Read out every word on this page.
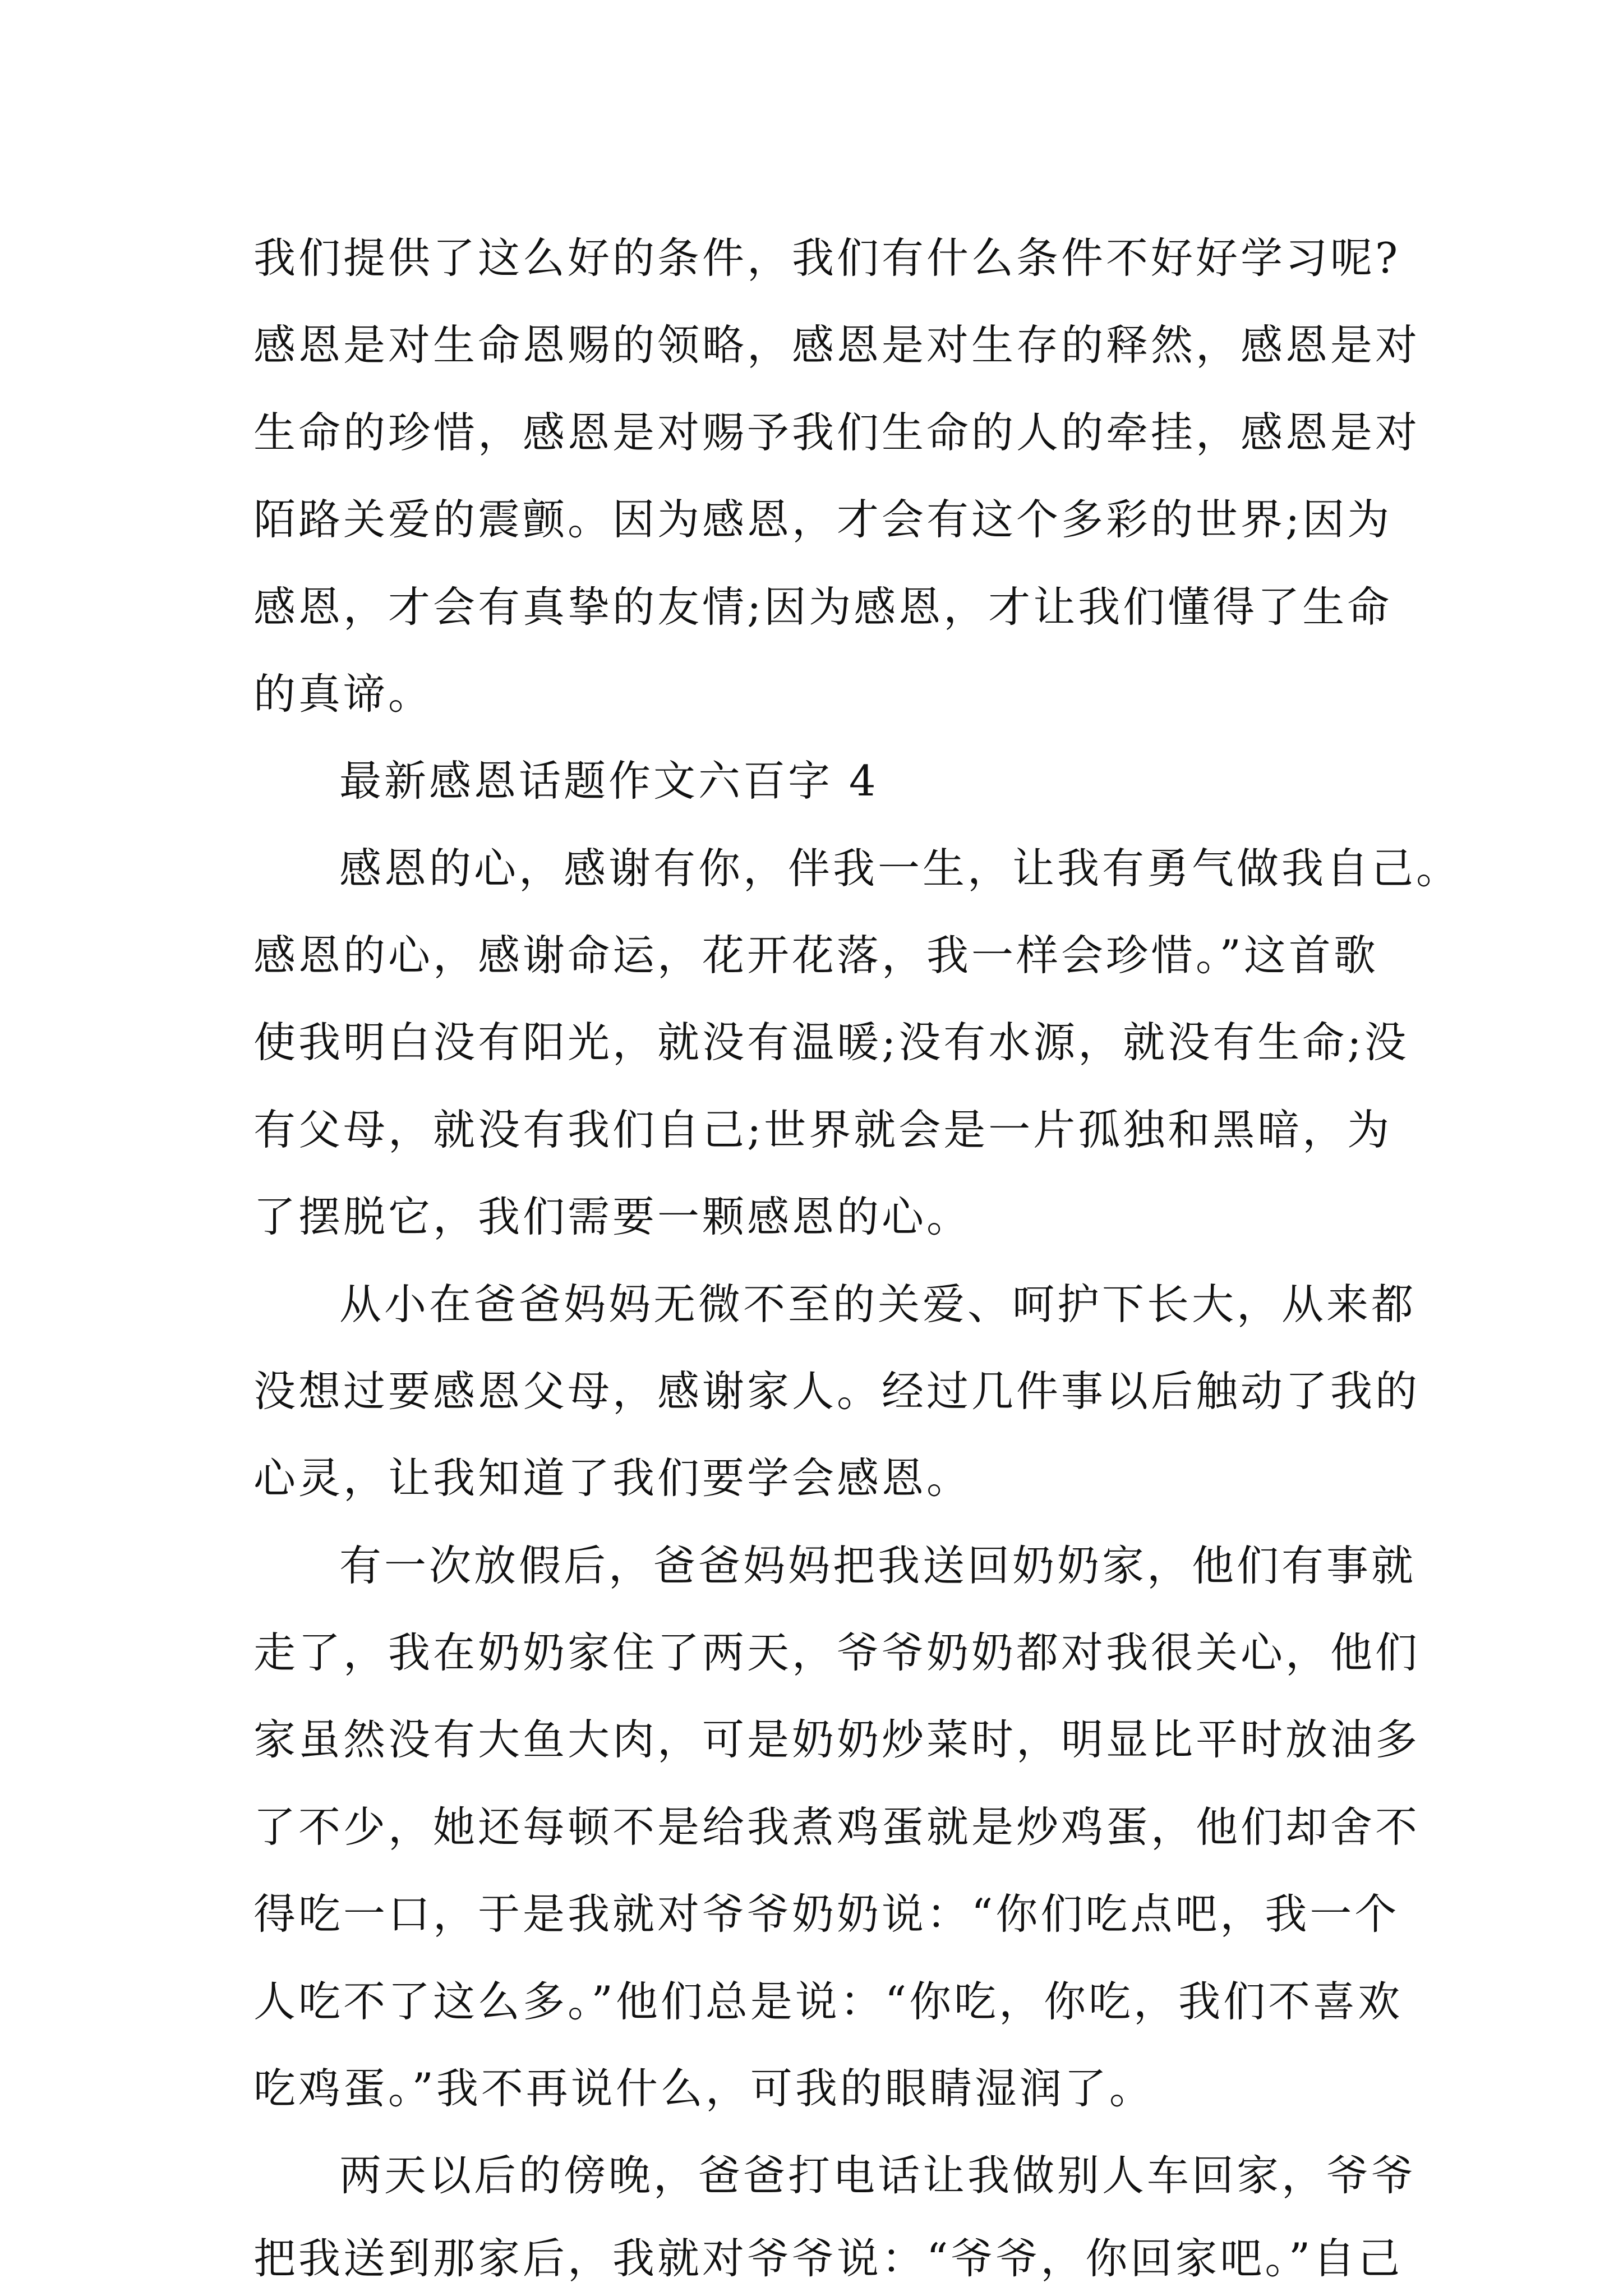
我们提供了这么好的条件，我们有什么条件不好好学习呢?
感恩是对生命恩赐的领略，感恩是对生存的释然，感恩是对
生命的珍惜，感恩是对赐予我们生命的人的牵挂，感恩是对
陌路关爱的震颤。因为感恩，才会有这个多彩的世界;因为
感恩，才会有真挚的友情;因为感恩，才让我们懂得了生命
的真谛。
最新感恩话题作文六百字 4
感恩的心，感谢有你，伴我一生，让我有勇气做我自己。
感恩的心，感谢命运，花开花落，我一样会珍惜。”这首歌
使我明白没有阳光，就没有温暖;没有水源，就没有生命;没
有父母，就没有我们自己;世界就会是一片孤独和黑暗，为
了摆脱它，我们需要一颗感恩的心。
从小在爸爸妈妈无微不至的关爱、呵护下长大，从来都
没想过要感恩父母，感谢家人。经过几件事以后触动了我的
心灵，让我知道了我们要学会感恩。
有一次放假后，爸爸妈妈把我送回奶奶家，他们有事就
走了，我在奶奶家住了两天，爷爷奶奶都对我很关心，他们
家虽然没有大鱼大肉，可是奶奶炒菜时，明显比平时放油多
了不少，她还每顿不是给我煮鸡蛋就是炒鸡蛋，他们却舍不
得吃一口，于是我就对爷爷奶奶说：“你们吃点吧，我一个
人吃不了这么多。”他们总是说：“你吃，你吃，我们不喜欢
吃鸡蛋。”我不再说什么，可我的眼睛湿润了。
两天以后的傍晚，爸爸打电话让我做别人车回家，爷爷
把我送到那家后，我就对爷爷说：“爷爷，你回家吧。”自己
